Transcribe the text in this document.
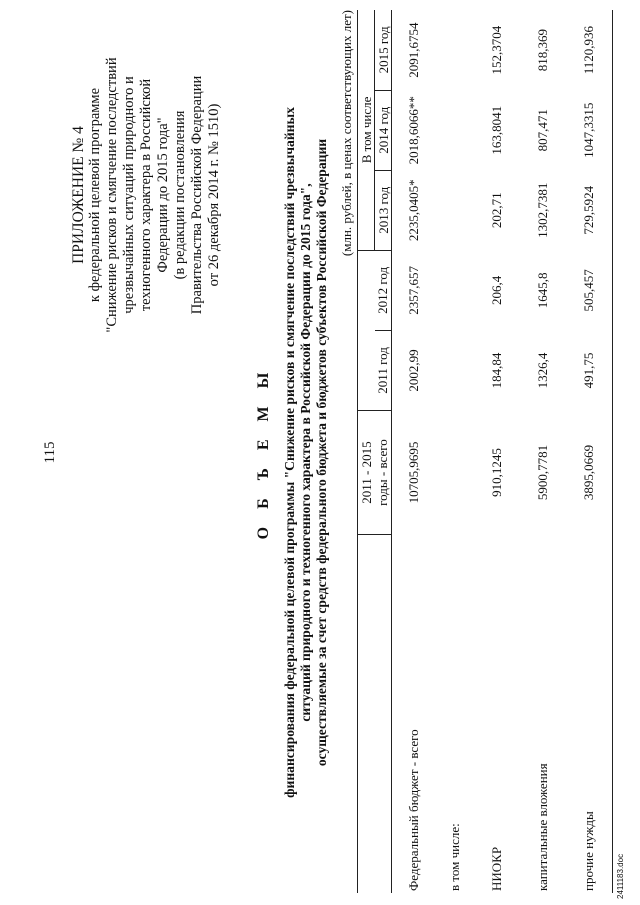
115
ПРИЛОЖЕНИЕ № 4 к федеральной целевой программе "Снижение рисков и смягчение последствий чрезвычайных ситуаций природного и техногенного характера в Российской Федерации до 2015 года" (в редакции постановления Правительства Российской Федерации от 26 декабря 2014 г. № 1510)
О Б Ъ Е М Ы финансирования федеральной целевой программы "Снижение рисков и смягчение последствий чрезвычайных ситуаций природного и техногенного характера в Российской Федерации до 2015 года", осуществляемые за счет средств федерального бюджета и бюджетов субъектов Российской Федерации
(млн. рублей, в ценах соответствующих лет)
	2011 - 2015			В том числе		
	годы - всего	2011 год	2012 год	2013 год	2014 год	2015 год
Федеральный бюджет - всего	10705,9695	2002,99	2357,657	2235,0405*	2018,6066**	2091,6754
в том числе:						
НИОКР	910,1245	184,84	206,4	202,71	163,8041	152,3704
капитальные вложения	5900,7781	1326,4	1645,8	1302,7381	807,471	818,369
прочие нужды	3895,0669	491,75	505,457	729,5924	1047,3315	1120,936
2411183.doc
